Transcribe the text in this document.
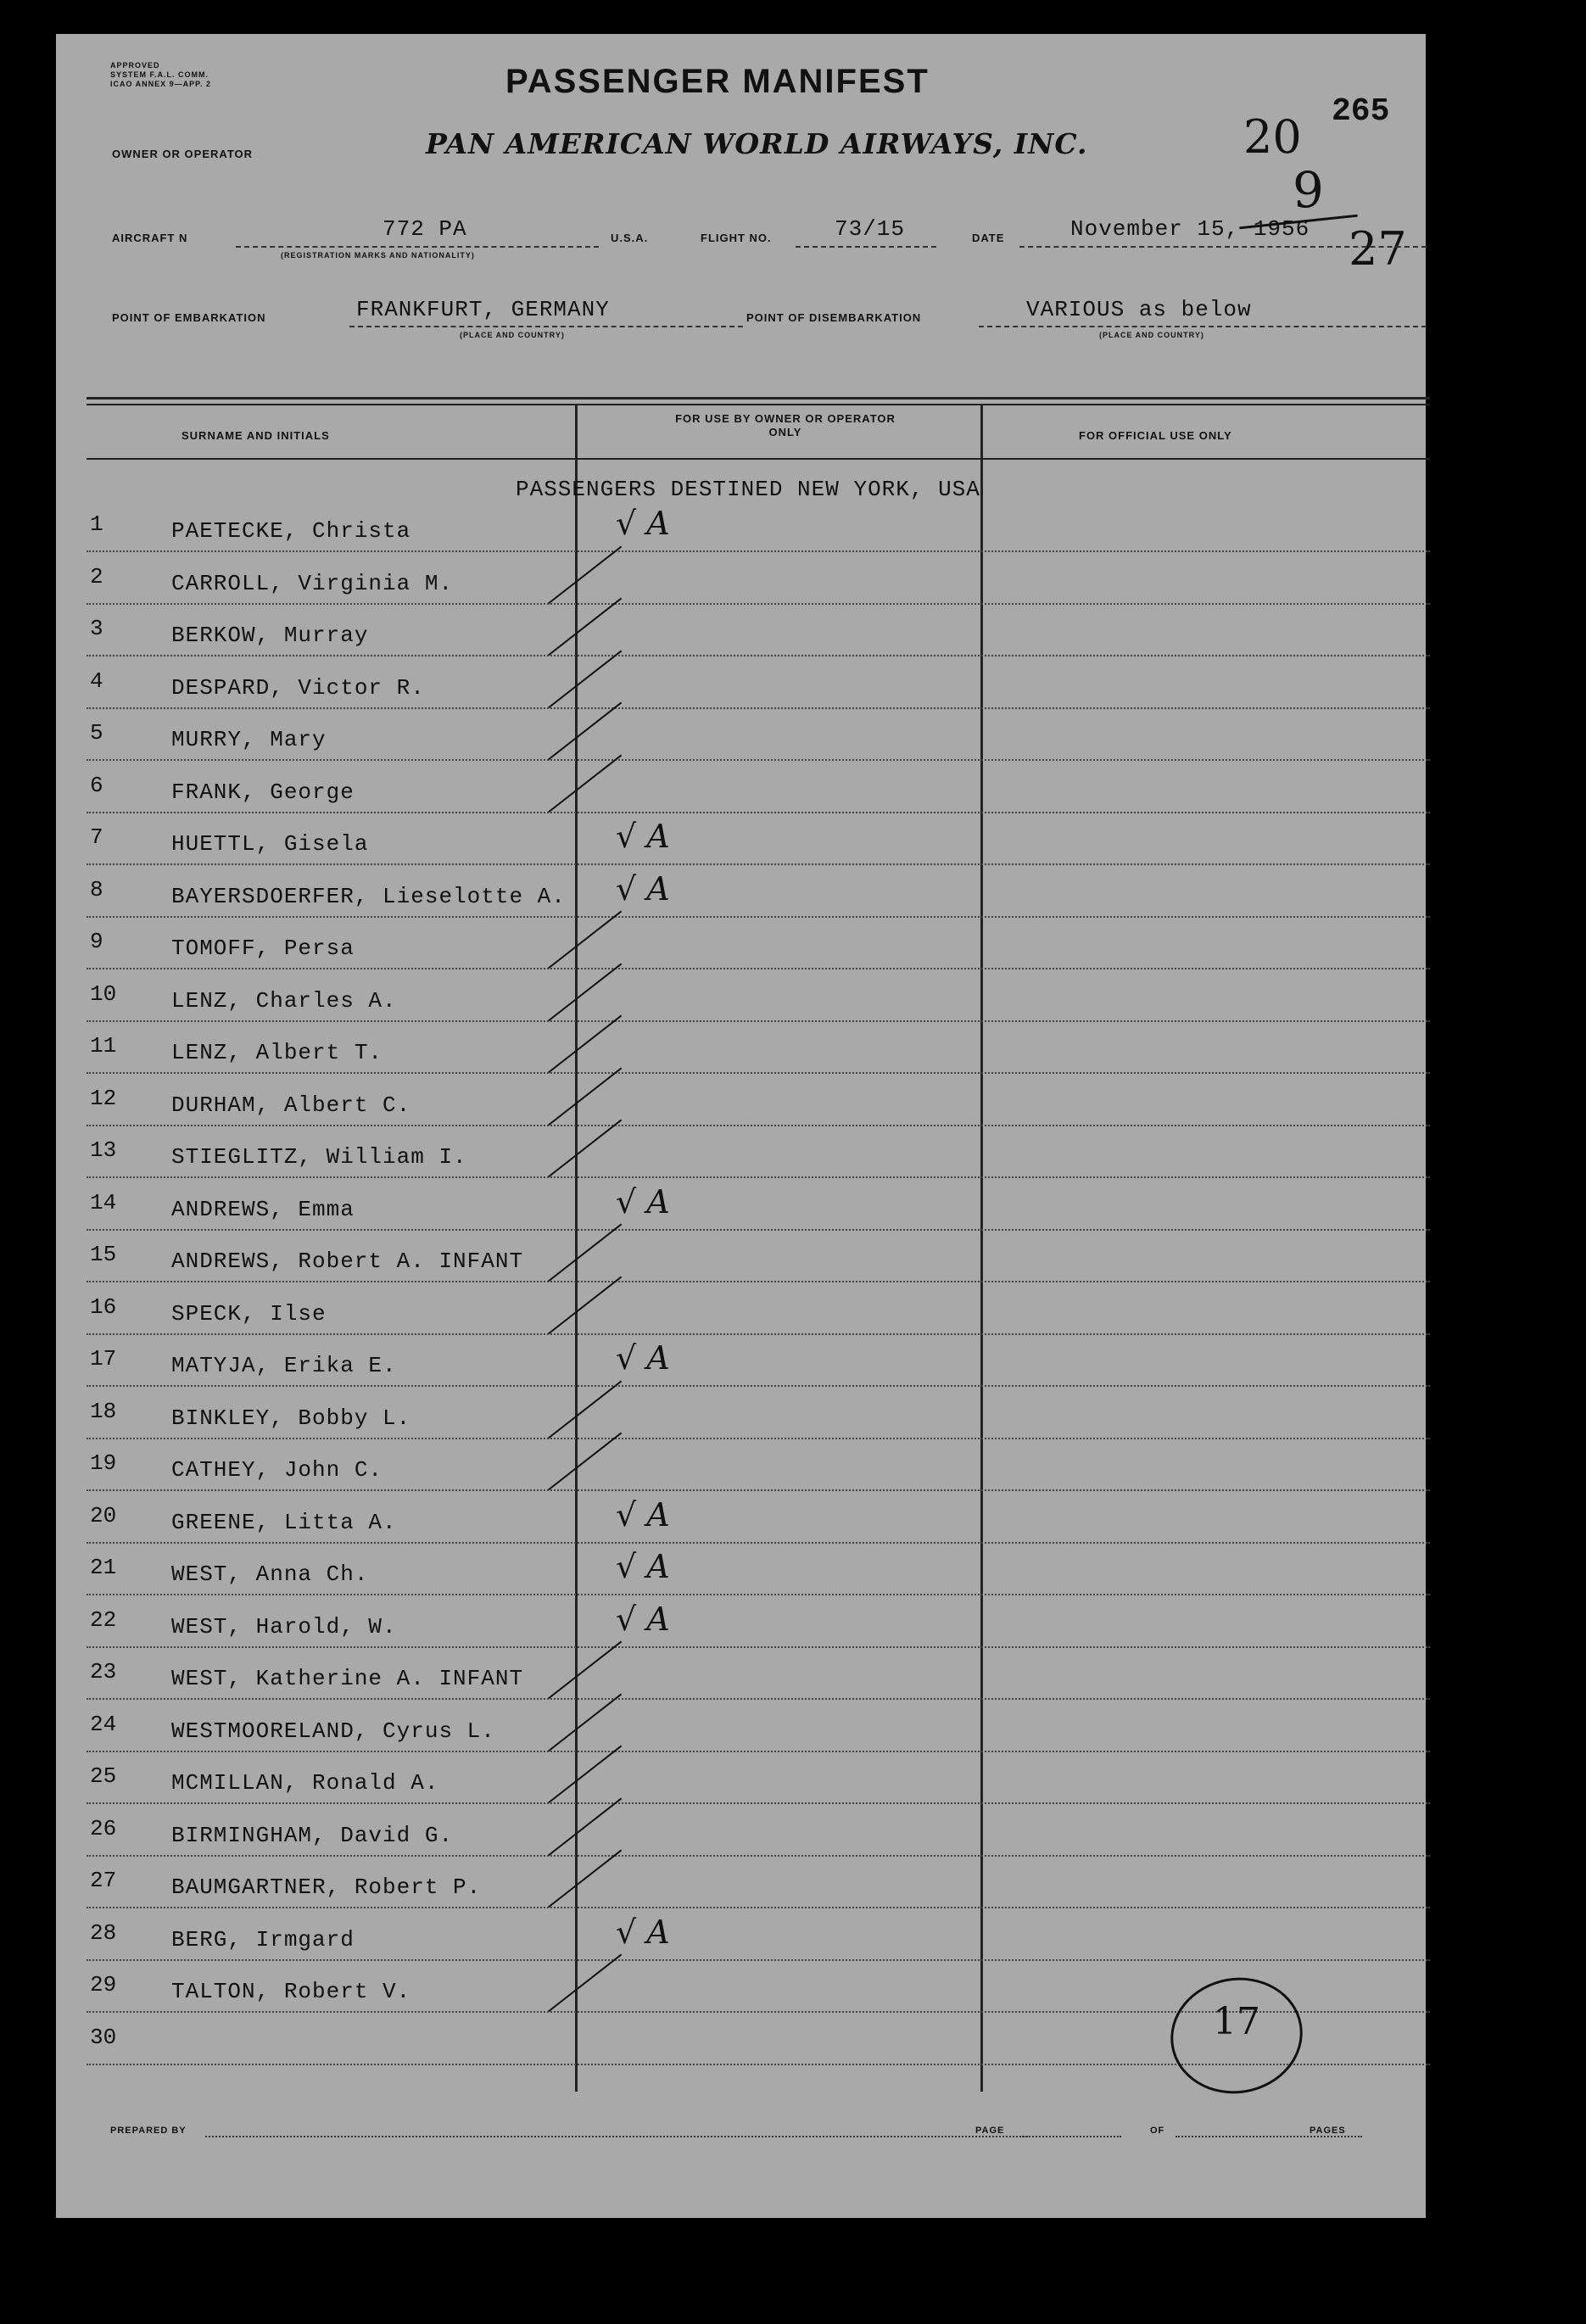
APPROVED
SYSTEM F.A.L. COMM.
ICAO ANNEX 9—APP. 2	PASSENGER MANIFEST
20 265
9
27
OWNER OR OPERATOR	PAN AMERICAN WORLD AIRWAYS, INC.
AIRCRAFT N	772 PA
(REGISTRATION MARKS AND NATIONALITY)
U.S.A.	FLIGHT NO.	73/15	DATE	November 15, 1956
POINT OF EMBARKATION	FRANKFURT, GERMANY
(PLACE AND COUNTRY)
POINT OF DISEMBARKATION	VARIOUS as below
(PLACE AND COUNTRY)
SURNAME AND INITIALS
FOR USE BY OWNER OR OPERATOR ONLY	FOR OFFICIAL USE ONLY
PASSENGERS DESTINED NEW YORK, USA
1	PAETECKE, Christa	√ A
2	CARROLL, Virginia M.
3	BERKOW, Murray
4	DESPARD, Victor R.
5	MURRY, Mary
6	FRANK, George
7	HUETTL, Gisela	√ A
8	BAYERSDOERFER, Lieselotte A. √ A
9	TOMOFF, Persa
10 LENZ, Charles A.
11 LENZ, Albert T.
12 DURHAM, Albert C.
13 STIEGLITZ, William I.
14 ANDREWS, Emma	√ A
15 ANDREWS, Robert A. INFANT
16 SPECK, Ilse
17 MATYJA, Erika E.	√ A
18 BINKLEY, Bobby L.
19 CATHEY, John C.
20 GREENE, Litta A.	√ A
21 WEST, Anna Ch.	√ A
22 WEST, Harold, W.	√ A
23 WEST, Katherine A. INFANT
24 WESTMOORELAND, Cyrus L.
25 MCMILLAN, Ronald A.
26 BIRMINGHAM, David G.
27 BAUMGARTNER, Robert P.
28 BERG, Irmgard	√ A
29 TALTON, Robert V.
30	17
PREPARED BY	PAGE	OF	PAGES
